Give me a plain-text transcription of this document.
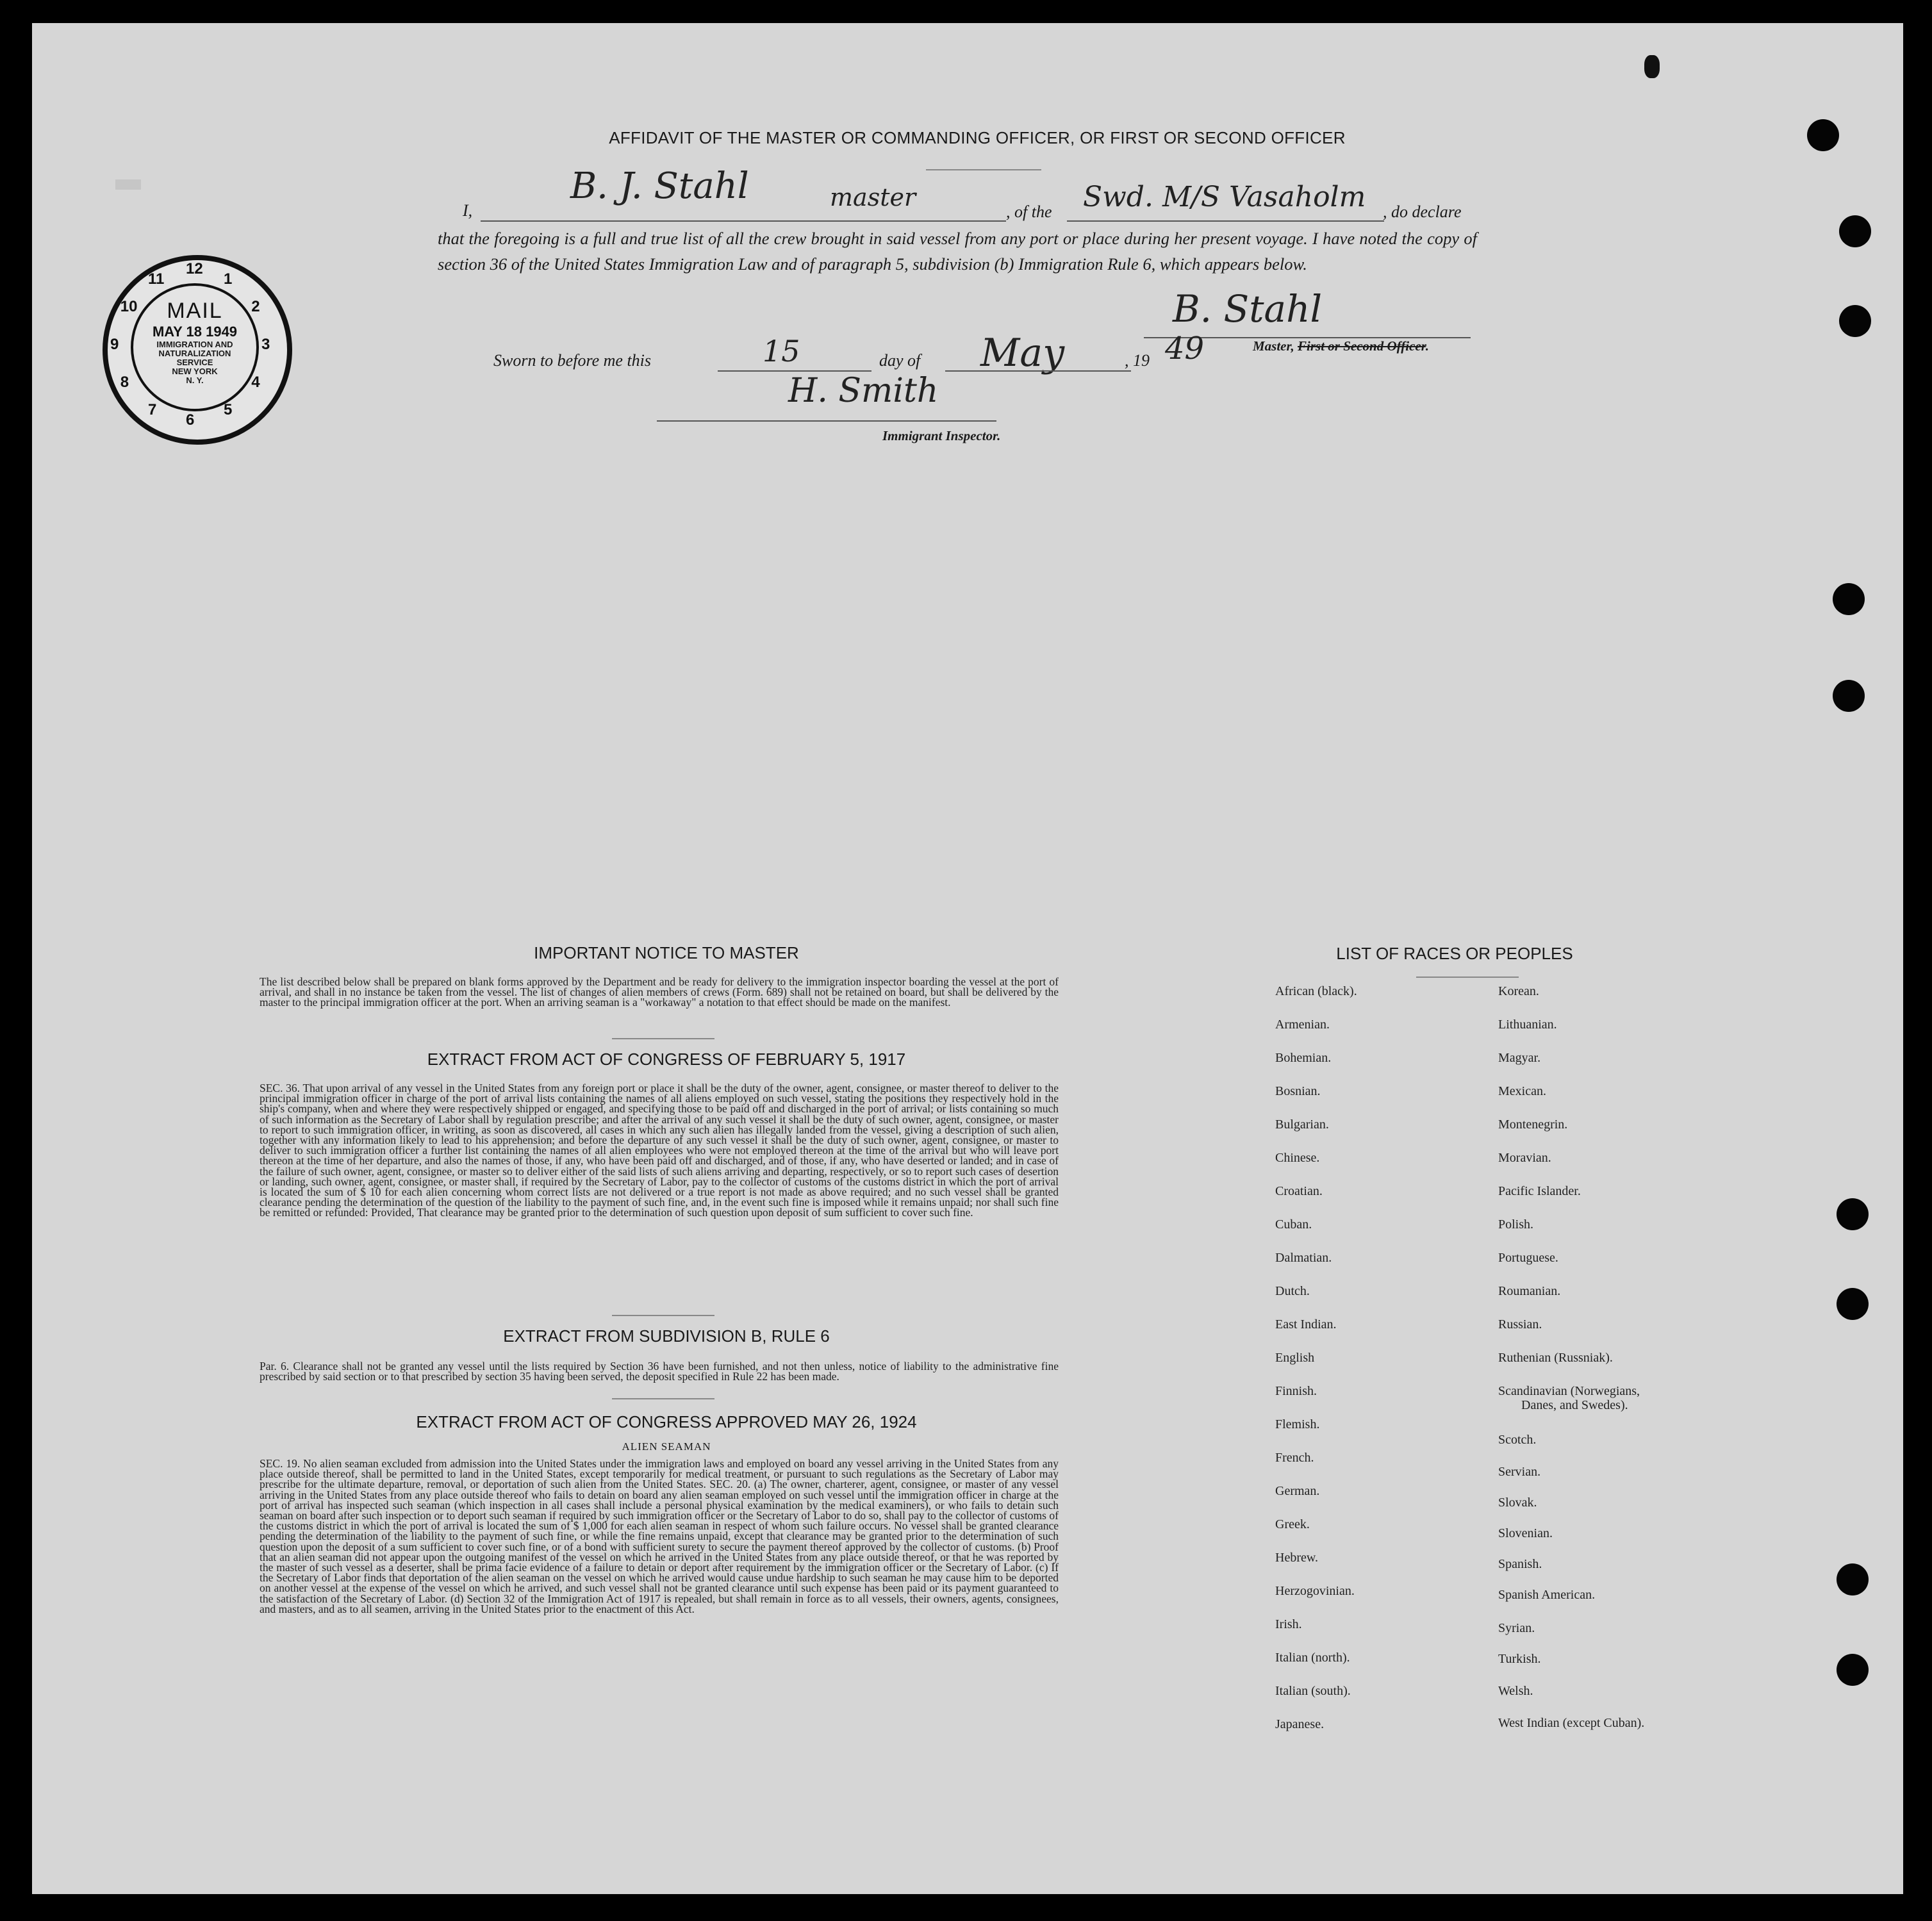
AFFIDAVIT OF THE MASTER OR COMMANDING OFFICER, OR FIRST OR SECOND OFFICER
I,
B. J. Stahl	master
, of the Swd. M/S Vasaholm , do declare
that the foregoing is a full and true list of all the crew brought in said vessel from any port or place during her present voyage. I have noted the copy of section 36 of the United States Immigration Law and of paragraph 5, subdivision (b) Immigration Rule 6, which appears below.
B. Stahl
Master, First or Second Officer.
Sworn to before me this	15	day of May	, 19 49
H. Smith
Immigrant Inspector.
MAIL
MAY 18 1949
IMMIGRATION AND
NATURALIZATION
SERVICE
NEW YORK
N. Y.
1
2
3
4
5
6
7
8
9
10
11
12
IMPORTANT NOTICE TO MASTER
The list described below shall be prepared on blank forms approved by the Department and be ready for delivery to the immigration inspector boarding the vessel at the port of arrival, and shall in no instance be taken from the vessel. The list of changes of alien members of crews (Form. 689) shall not be retained on board, but shall be delivered by the master to the principal immigration officer at the port. When an arriving seaman is a "workaway" a notation to that effect should be made on the manifest.
EXTRACT FROM ACT OF CONGRESS OF FEBRUARY 5, 1917
SEC. 36. That upon arrival of any vessel in the United States from any foreign port or place it shall be the duty of the owner, agent, consignee, or master thereof to deliver to the principal immigration officer in charge of the port of arrival lists containing the names of all aliens employed on such vessel, stating the positions they respectively hold in the ship's company, when and where they were respectively shipped or engaged, and specifying those to be paid off and discharged in the port of arrival; or lists containing so much of such information as the Secretary of Labor shall by regulation prescribe; and after the arrival of any such vessel it shall be the duty of such owner, agent, consignee, or master to report to such immigration officer, in writing, as soon as discovered, all cases in which any such alien has illegally landed from the vessel, giving a description of such alien, together with any information likely to lead to his apprehension; and before the departure of any such vessel it shall be the duty of such owner, agent, consignee, or master to deliver to such immigration officer a further list containing the names of all alien employees who were not employed thereon at the time of the arrival but who will leave port thereon at the time of her departure, and also the names of those, if any, who have been paid off and discharged, and of those, if any, who have deserted or landed; and in case of the failure of such owner, agent, consignee, or master so to deliver either of the said lists of such aliens arriving and departing, respectively, or so to report such cases of desertion or landing, such owner, agent, consignee, or master shall, if required by the Secretary of Labor, pay to the collector of customs of the customs district in which the port of arrival is located the sum of $ 10 for each alien concerning whom correct lists are not delivered or a true report is not made as above required; and no such vessel shall be granted clearance pending the determination of the question of the liability to the payment of such fine, and, in the event such fine is imposed while it remains unpaid; nor shall such fine be remitted or refunded: Provided, That clearance may be granted prior to the determination of such question upon deposit of sum sufficient to cover such fine.
EXTRACT FROM SUBDIVISION B, RULE 6
Par. 6. Clearance shall not be granted any vessel until the lists required by Section 36 have been furnished, and not then unless, notice of liability to the administrative fine prescribed by said section or to that prescribed by section 35 having been served, the deposit specified in Rule 22 has been made.
EXTRACT FROM ACT OF CONGRESS APPROVED MAY 26, 1924
ALIEN SEAMAN
SEC. 19. No alien seaman excluded from admission into the United States under the immigration laws and employed on board any vessel arriving in the United States from any place outside thereof, shall be permitted to land in the United States, except temporarily for medical treatment, or pursuant to such regulations as the Secretary of Labor may prescribe for the ultimate departure, removal, or deportation of such alien from the United States. SEC. 20. (a) The owner, charterer, agent, consignee, or master of any vessel arriving in the United States from any place outside thereof who fails to detain on board any alien seaman employed on such vessel until the immigration officer in charge at the port of arrival has inspected such seaman (which inspection in all cases shall include a personal physical examination by the medical examiners), or who fails to detain such seaman on board after such inspection or to deport such seaman if required by such immigration officer or the Secretary of Labor to do so, shall pay to the collector of customs of the customs district in which the port of arrival is located the sum of $ 1,000 for each alien seaman in respect of whom such failure occurs. No vessel shall be granted clearance pending the determination of the liability to the payment of such fine, or while the fine remains unpaid, except that clearance may be granted prior to the determination of such question upon the deposit of a sum sufficient to cover such fine, or of a bond with sufficient surety to secure the payment thereof approved by the collector of customs. (b) Proof that an alien seaman did not appear upon the outgoing manifest of the vessel on which he arrived in the United States from any place outside thereof, or that he was reported by the master of such vessel as a deserter, shall be prima facie evidence of a failure to detain or deport after requirement by the immigration officer or the Secretary of Labor. (c) If the Secretary of Labor finds that deportation of the alien seaman on the vessel on which he arrived would cause undue hardship to such seaman he may cause him to be deported on another vessel at the expense of the vessel on which he arrived, and such vessel shall not be granted clearance until such expense has been paid or its payment guaranteed to the satisfaction of the Secretary of Labor. (d) Section 32 of the Immigration Act of 1917 is repealed, but shall remain in force as to all vessels, their owners, agents, consignees, and masters, and as to all seamen, arriving in the United States prior to the enactment of this Act.
LIST OF RACES OR PEOPLES
African (black).
Armenian.
Bohemian.
Bosnian.
Bulgarian.
Chinese.
Croatian.
Cuban.
Dalmatian.
Dutch.
East Indian.
English
Finnish.
Flemish.
French.
German.
Greek.
Hebrew.
Herzogovinian.
Irish.
Italian (north).
Italian (south).
Japanese.
Korean.
Lithuanian.
Magyar.
Mexican.
Montenegrin.
Moravian.
Pacific Islander.
Polish.
Portuguese.
Roumanian.
Russian.
Ruthenian (Russniak).
Scandinavian (Norwegians,
Danes, and Swedes).
Scotch.
Servian.
Slovak.
Slovenian.
Spanish.
Spanish American.
Syrian.
Turkish.
Welsh.
West Indian (except Cuban).
